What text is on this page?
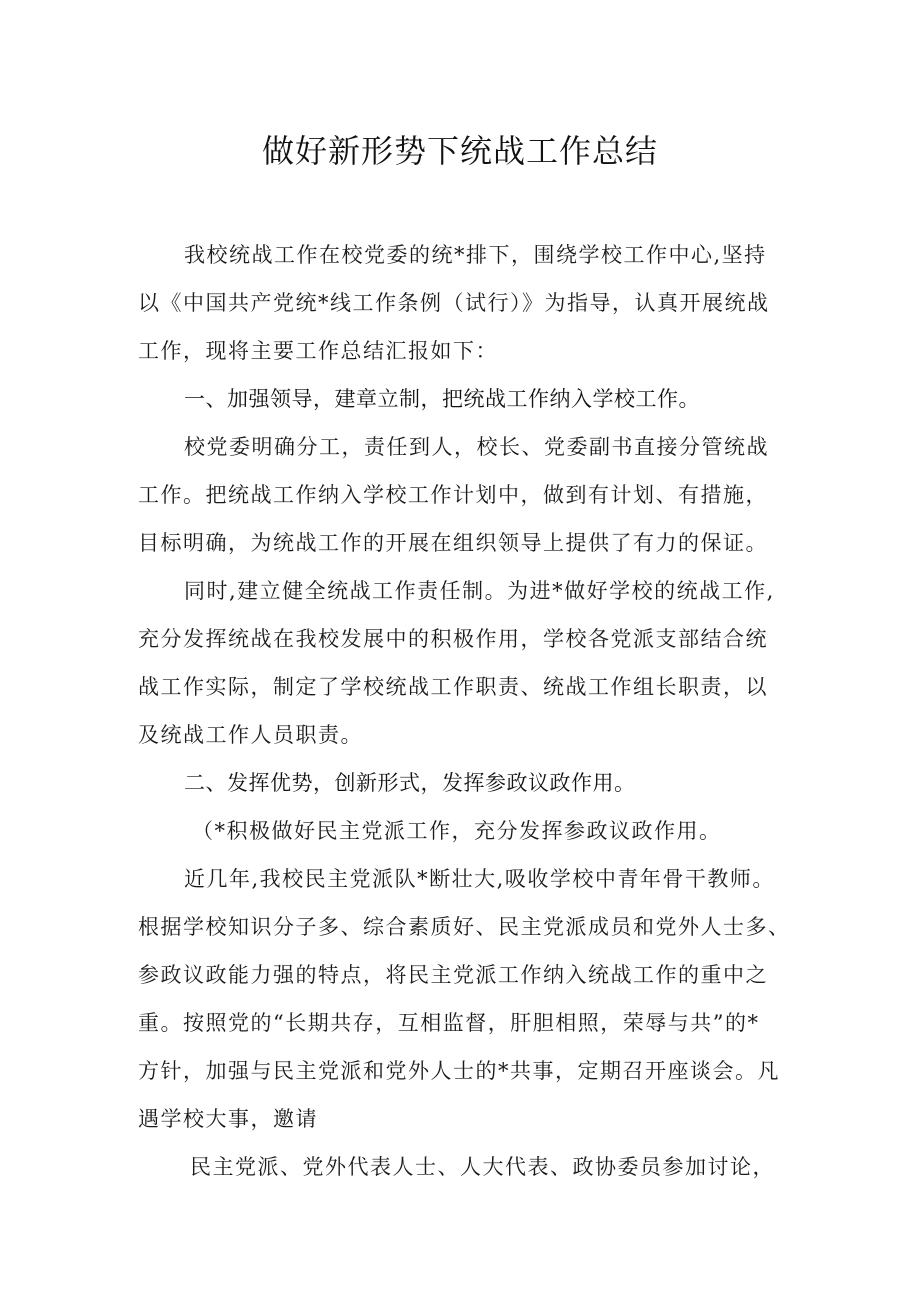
做好新形势下统战工作总结
我校统战工作在校党委的统*排下，围绕学校工作中心,坚持
以《中国共产党统*线工作条例（试行）》为指导，认真开展统战
工作，现将主要工作总结汇报如下：
一、加强领导，建章立制，把统战工作纳入学校工作。
校党委明确分工，责任到人，校长、党委副书直接分管统战
工作。把统战工作纳入学校工作计划中，做到有计划、有措施，
目标明确，为统战工作的开展在组织领导上提供了有力的保证。
同时,建立健全统战工作责任制。为进*做好学校的统战工作,
充分发挥统战在我校发展中的积极作用，学校各党派支部结合统
战工作实际，制定了学校统战工作职责、统战工作组长职责，以
及统战工作人员职责。
二、发挥优势，创新形式，发挥参政议政作用。
（*积极做好民主党派工作，充分发挥参政议政作用。
近几年,我校民主党派队*断壮大,吸收学校中青年骨干教师。
根据学校知识分子多、综合素质好、民主党派成员和党外人士多、
参政议政能力强的特点，将民主党派工作纳入统战工作的重中之
重。按照党的“长期共存，互相监督，肝胆相照，荣辱与共”的*
方针，加强与民主党派和党外人士的*共事，定期召开座谈会。凡
遇学校大事，邀请
民主党派、党外代表人士、人大代表、政协委员参加讨论，
